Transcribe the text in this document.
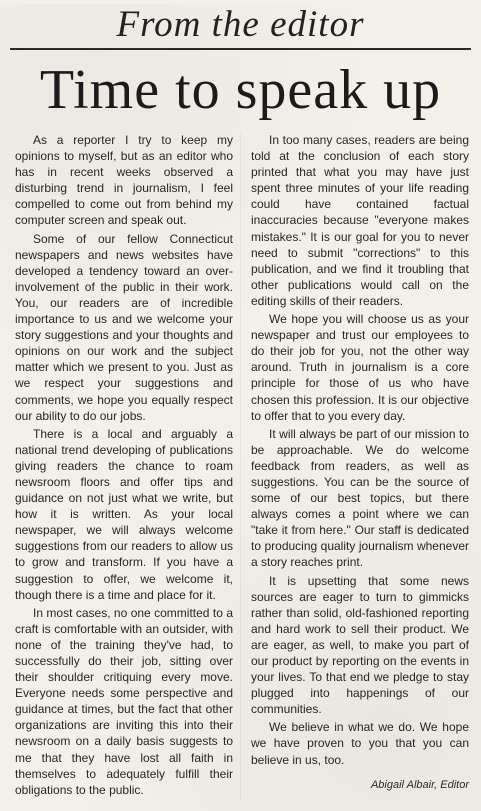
From the editor
Time to speak up

As a reporter I try to keep my opinions to myself, but as an editor who has in recent weeks observed a disturbing trend in journalism, I feel compelled to come out from behind my computer screen and speak out.

Some of our fellow Connecticut newspapers and news websites have developed a tendency toward an over-involvement of the public in their work. You, our readers are of incredible importance to us and we welcome your story suggestions and your thoughts and opinions on our work and the subject matter which we present to you. Just as we respect your suggestions and comments, we hope you equally respect our ability to do our jobs.

There is a local and arguably a national trend developing of publications giving readers the chance to roam newsroom floors and offer tips and guidance on not just what we write, but how it is written. As your local newspaper, we will always welcome suggestions from our readers to allow us to grow and transform. If you have a suggestion to offer, we welcome it, though there is a time and place for it.

In most cases, no one committed to a craft is comfortable with an outsider, with none of the training they've had, to successfully do their job, sitting over their shoulder critiquing every move. Everyone needs some perspective and guidance at times, but the fact that other organizations are inviting this into their newsroom on a daily basis suggests to me that they have lost all faith in themselves to adequately fulfill their obligations to the public.

In too many cases, readers are being told at the conclusion of each story printed that what you may have just spent three minutes of your life reading could have contained factual inaccuracies because "everyone makes mistakes." It is our goal for you to never need to submit "corrections" to this publication, and we find it troubling that other publications would call on the editing skills of their readers.

We hope you will choose us as your newspaper and trust our employees to do their job for you, not the other way around. Truth in journalism is a core principle for those of us who have chosen this profession. It is our objective to offer that to you every day.

It will always be part of our mission to be approachable. We do welcome feedback from readers, as well as suggestions. You can be the source of some of our best topics, but there always comes a point where we can "take it from here." Our staff is dedicated to producing quality journalism whenever a story reaches print.

It is upsetting that some news sources are eager to turn to gimmicks rather than solid, old-fashioned reporting and hard work to sell their product. We are eager, as well, to make you part of our product by reporting on the events in your lives. To that end we pledge to stay plugged into happenings of our communities.

We believe in what we do. We hope we have proven to you that you can believe in us, too.

Abigail Albair, Editor
